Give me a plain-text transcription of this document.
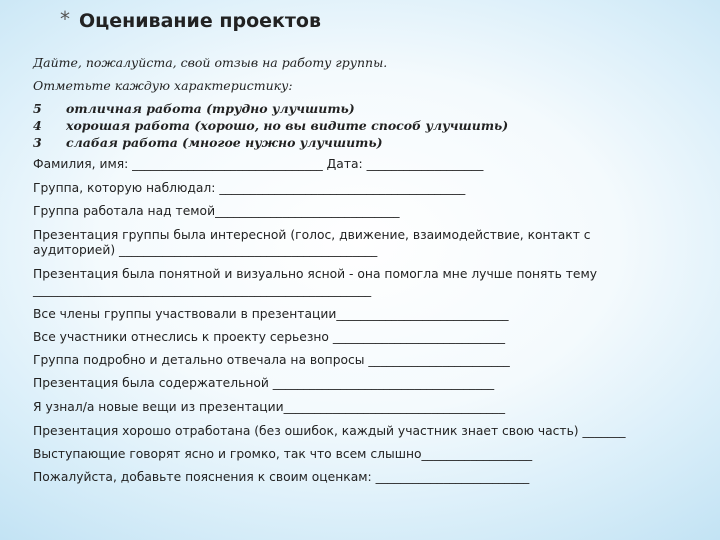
* Оценивание проектов
Дайте, пожалуйста, свой отзыв на работу группы.
Отметьте каждую характеристику:
5 отличная работа (трудно улучшить)
4 хорошая работа (хорошо, но вы видите способ улучшить)
3 слабая работа (многое нужно улучшить)
Фамилия, имя: _______________________________ Дата: ___________________
Группа, которую наблюдал: ________________________________________
Группа работала над темой______________________________
Презентация группы была интересной (голос, движение, взаимодействие, контакт с
аудиторией) __________________________________________
Презентация была понятной и визуально ясной - она помогла мне лучше понять тему
_______________________________________________________
Все члены группы участвовали в презентации____________________________
Все участники отнеслись к проекту серьезно ____________________________
Группа подробно и детально отвечала на вопросы _______________________
Презентация была содержательной ____________________________________
Я узнал/а новые вещи из презентации____________________________________
Презентация хорошо отработана (без ошибок, каждый участник знает свою часть) _______
Выступающие говорят ясно и громко, так что всем слышно__________________
Пожалуйста, добавьте пояснения к своим оценкам: _________________________
